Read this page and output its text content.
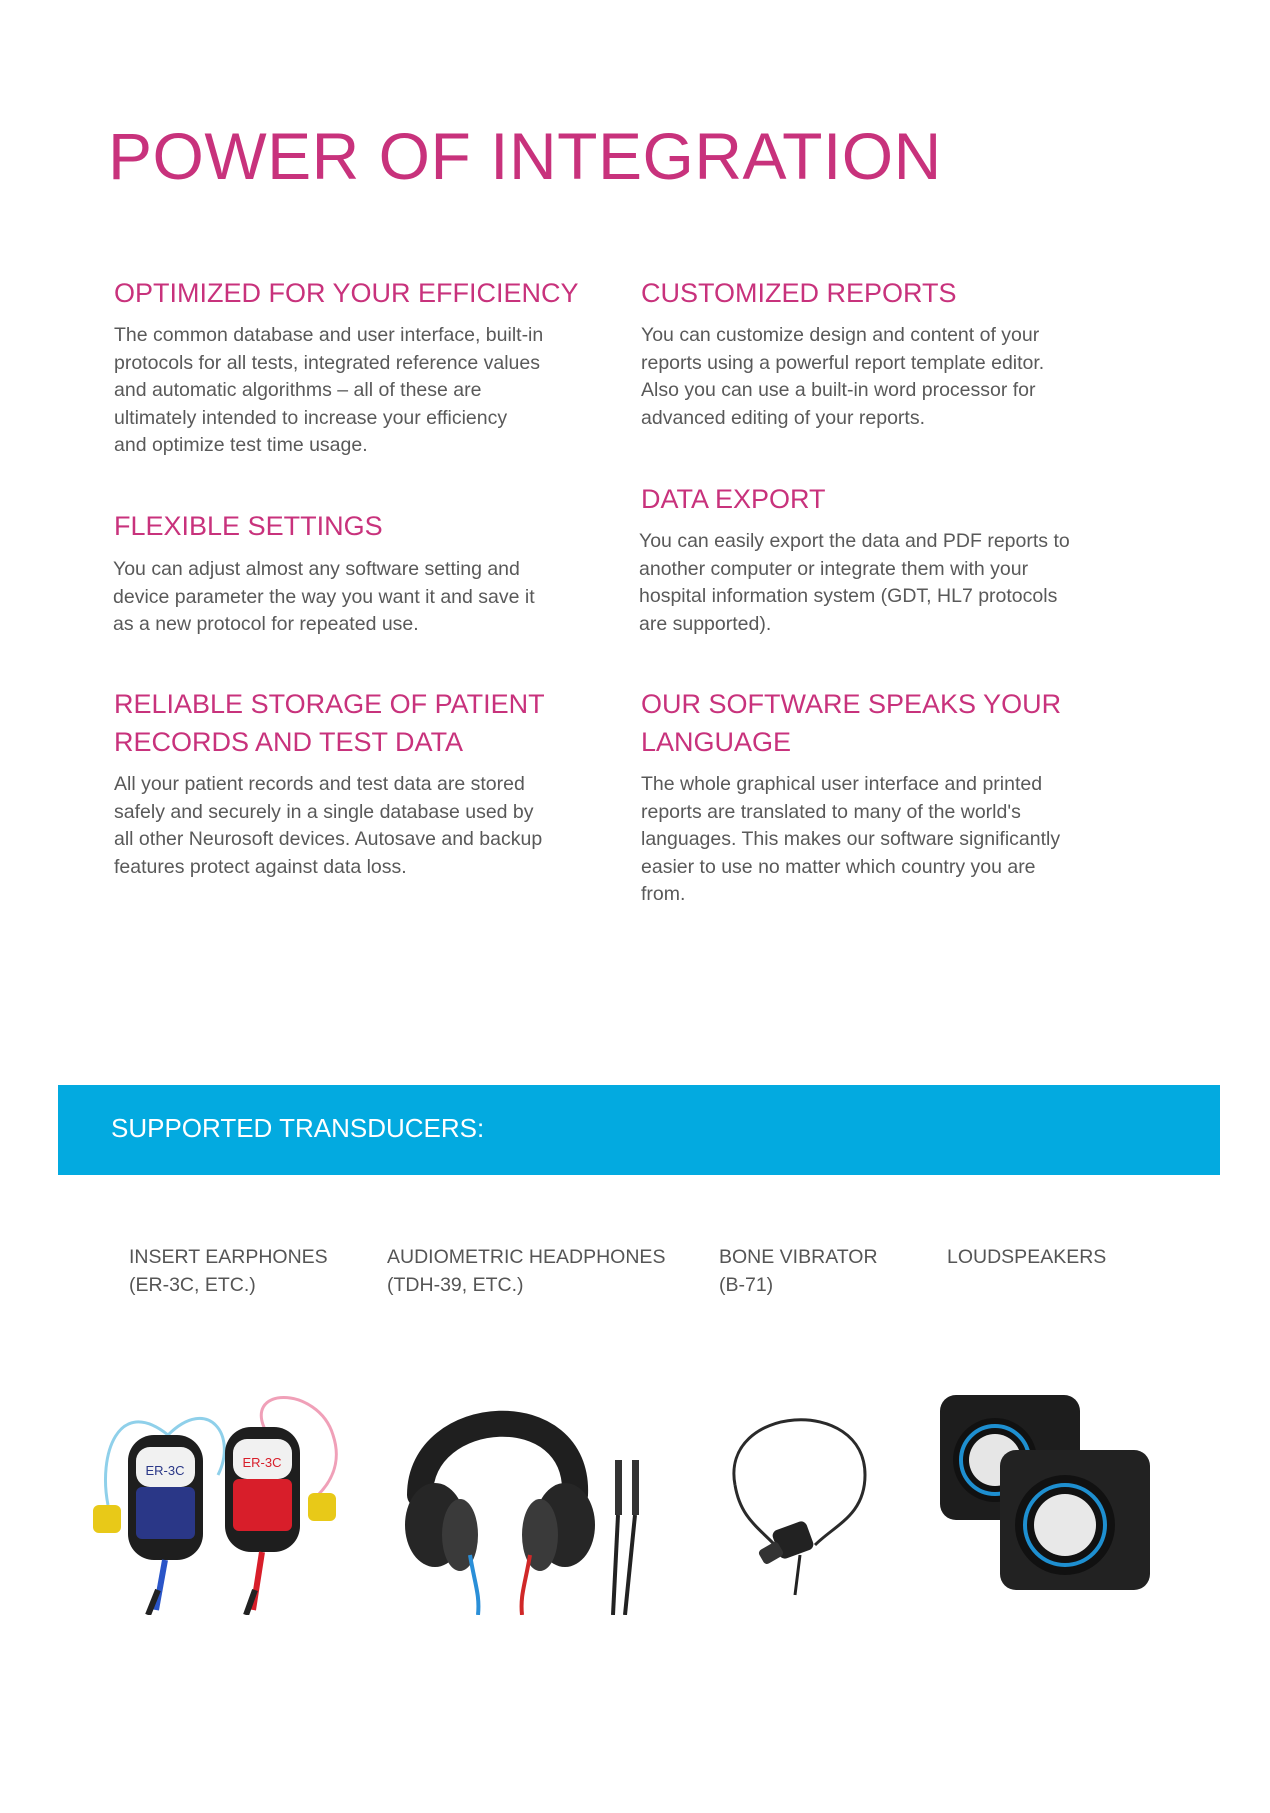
POWER OF INTEGRATION
OPTIMIZED FOR YOUR EFFICIENCY

The common database and user interface, built-in
protocols for all tests, integrated reference values
and automatic algorithms – all of these are
ultimately intended to increase your efficiency
and optimize test time usage.

FLEXIBLE SETTINGS

You can adjust almost any software setting and
device parameter the way you want it and save it
as a new protocol for repeated use.

RELIABLE STORAGE OF PATIENT
RECORDS AND TEST DATA

All your patient records and test data are stored
safely and securely in a single database used by
all other Neurosoft devices. Autosave and backup
features protect against data loss.

CUSTOMIZED REPORTS

You can customize design and content of your
reports using a powerful report template editor.
Also you can use a built-in word processor for
advanced editing of your reports.

DATA EXPORT

You can easily export the data and PDF reports to
another computer or integrate them with your
hospital information system (GDT, HL7 protocols
are supported).

OUR SOFTWARE SPEAKS YOUR
LANGUAGE

The whole graphical user interface and printed
reports are translated to many of the world's
languages. This makes our software significantly
easier to use no matter which country you are
from.

SUPPORTED TRANSDUCERS:
INSERT EARPHONES
(ER-3C, ETC.)
AUDIOMETRIC HEADPHONES
(TDH-39, ETC.)
BONE VIBRATOR
(B-71)
LOUDSPEAKERS
ER-3C
ER-3C
